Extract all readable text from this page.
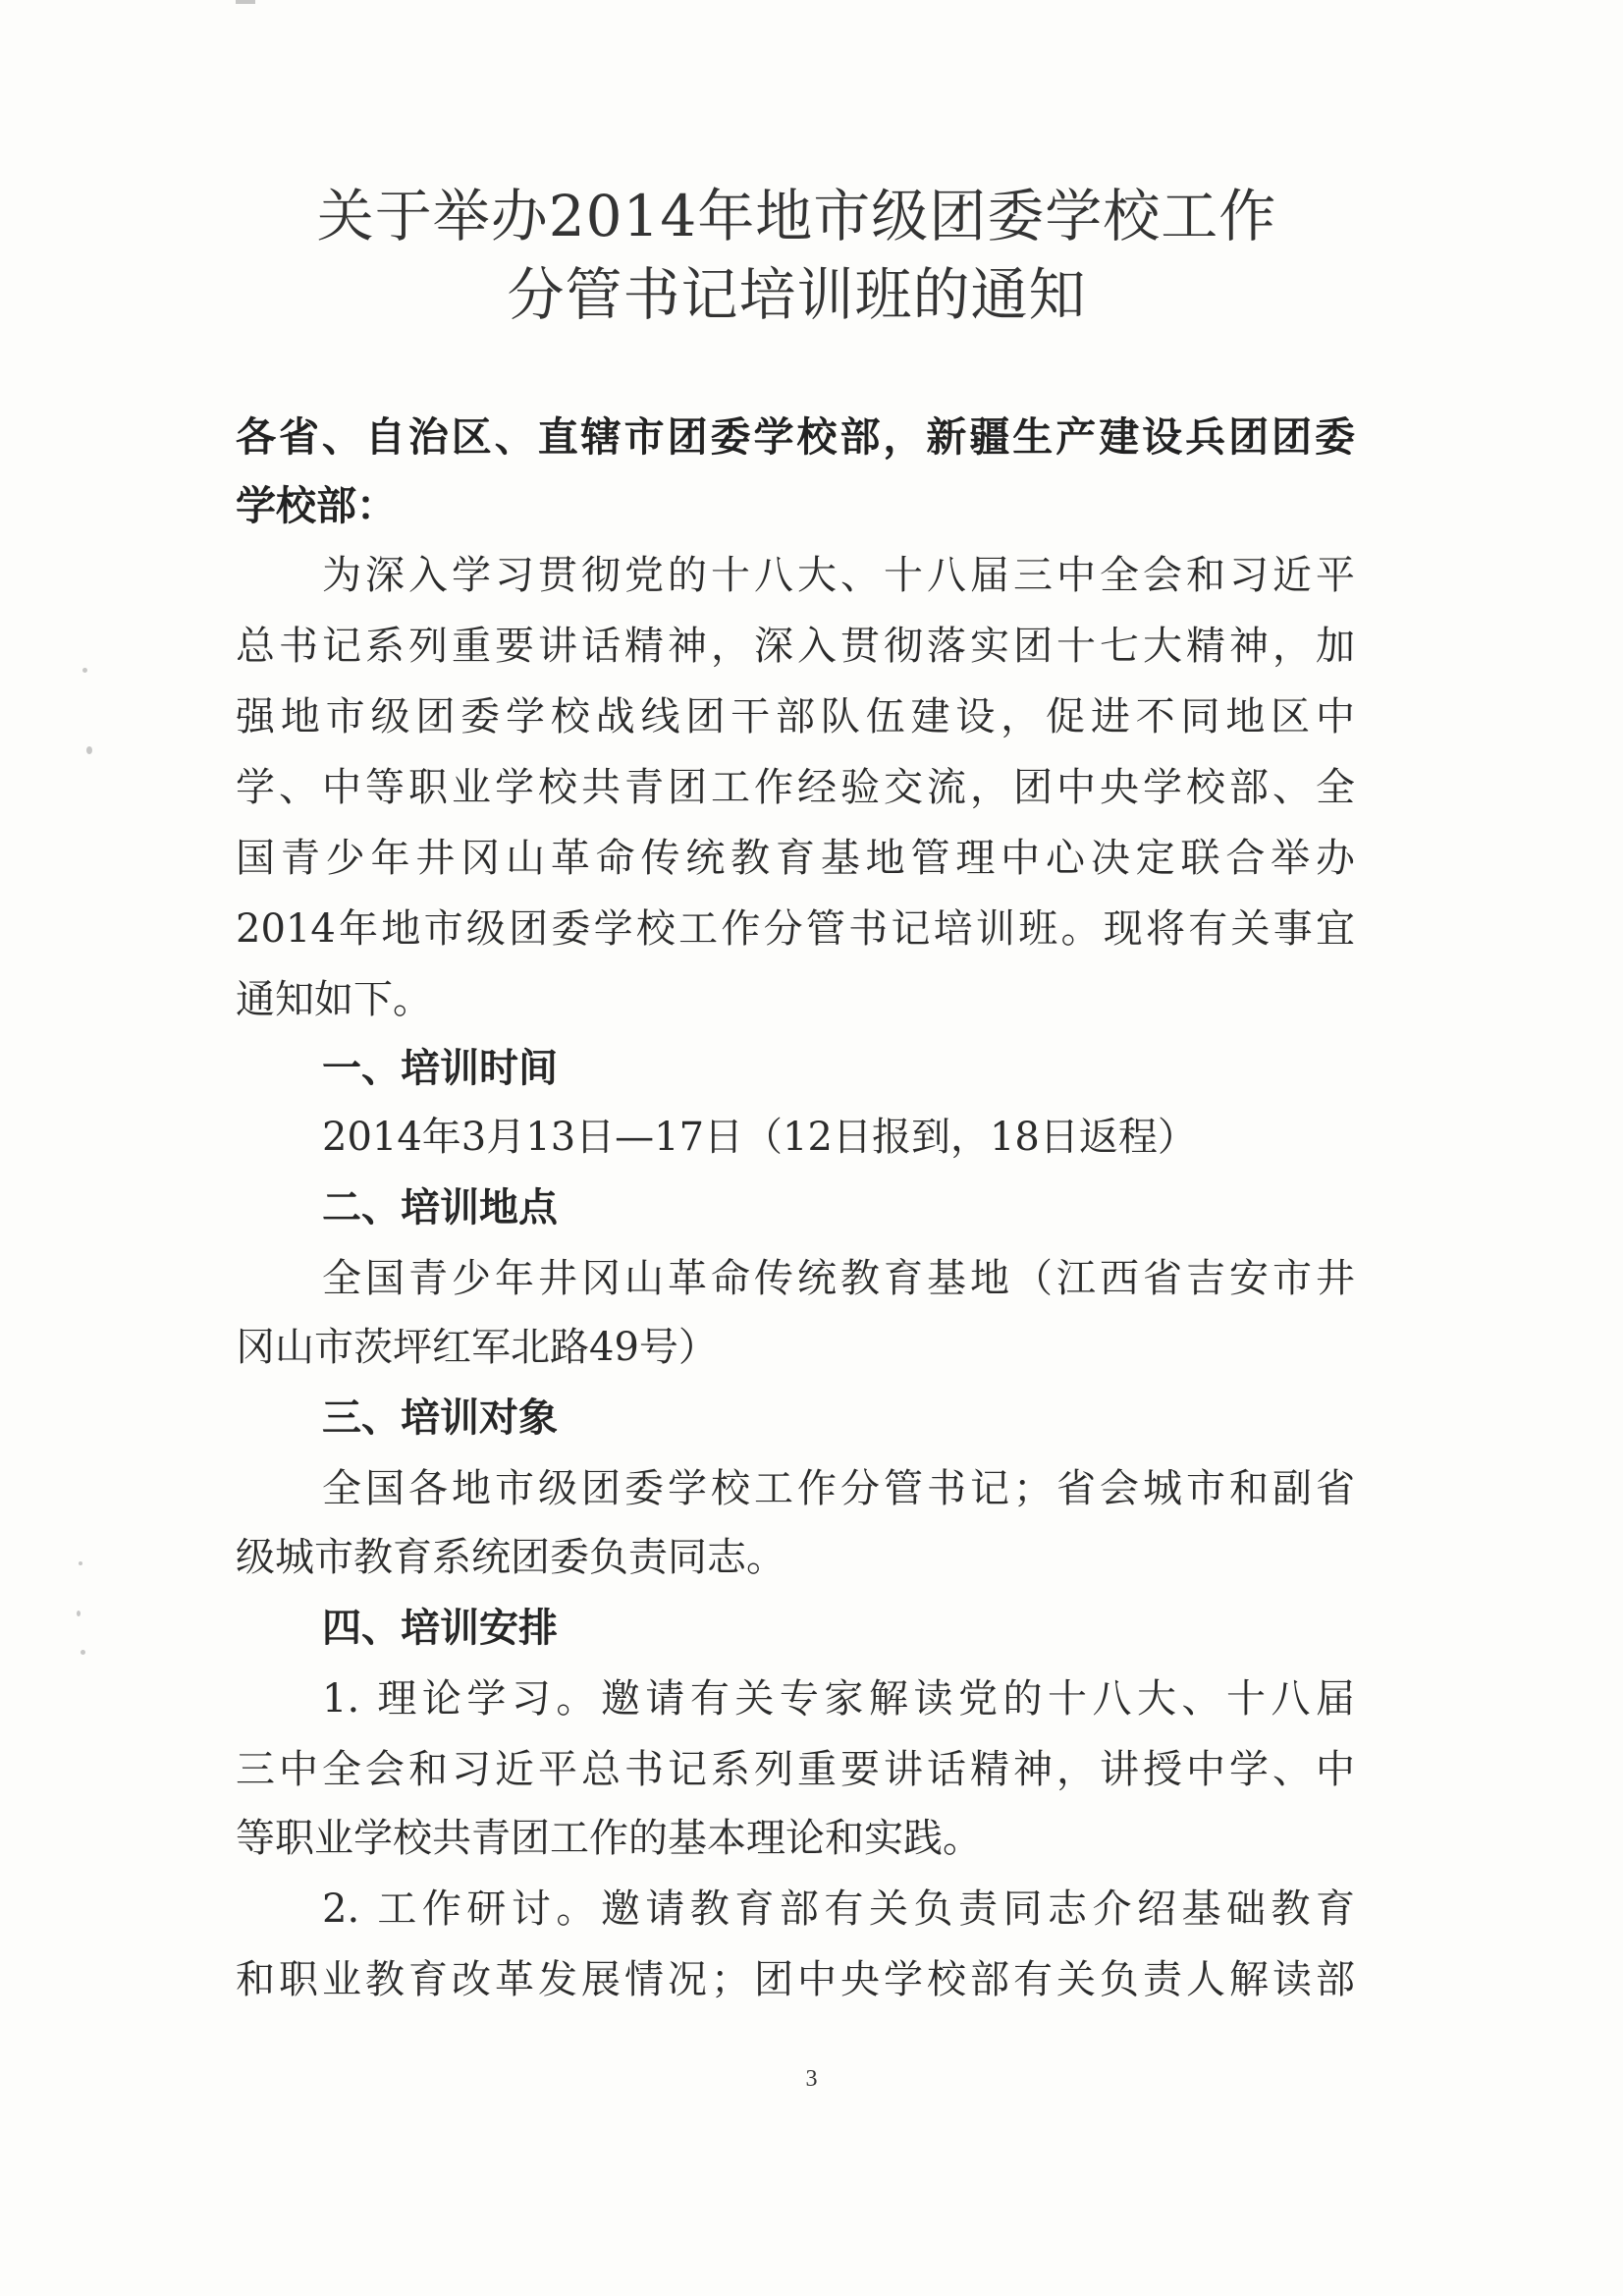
关于举办2014年地市级团委学校工作
分管书记培训班的通知
各省、自治区、直辖市团委学校部，新疆生产建设兵团团委
学校部：
为深入学习贯彻党的十八大、十八届三中全会和习近平
总书记系列重要讲话精神，深入贯彻落实团十七大精神，加
强地市级团委学校战线团干部队伍建设，促进不同地区中
学、中等职业学校共青团工作经验交流，团中央学校部、全
国青少年井冈山革命传统教育基地管理中心决定联合举办
2014年地市级团委学校工作分管书记培训班。现将有关事宜
通知如下。
一、培训时间
2014年3月13日—17日（12日报到，18日返程）
二、培训地点
全国青少年井冈山革命传统教育基地（江西省吉安市井
冈山市茨坪红军北路49号）
三、培训对象
全国各地市级团委学校工作分管书记；省会城市和副省
级城市教育系统团委负责同志。
四、培训安排
1. 理论学习。邀请有关专家解读党的十八大、十八届
三中全会和习近平总书记系列重要讲话精神，讲授中学、中
等职业学校共青团工作的基本理论和实践。
2. 工作研讨。邀请教育部有关负责同志介绍基础教育
和职业教育改革发展情况；团中央学校部有关负责人解读部
3
